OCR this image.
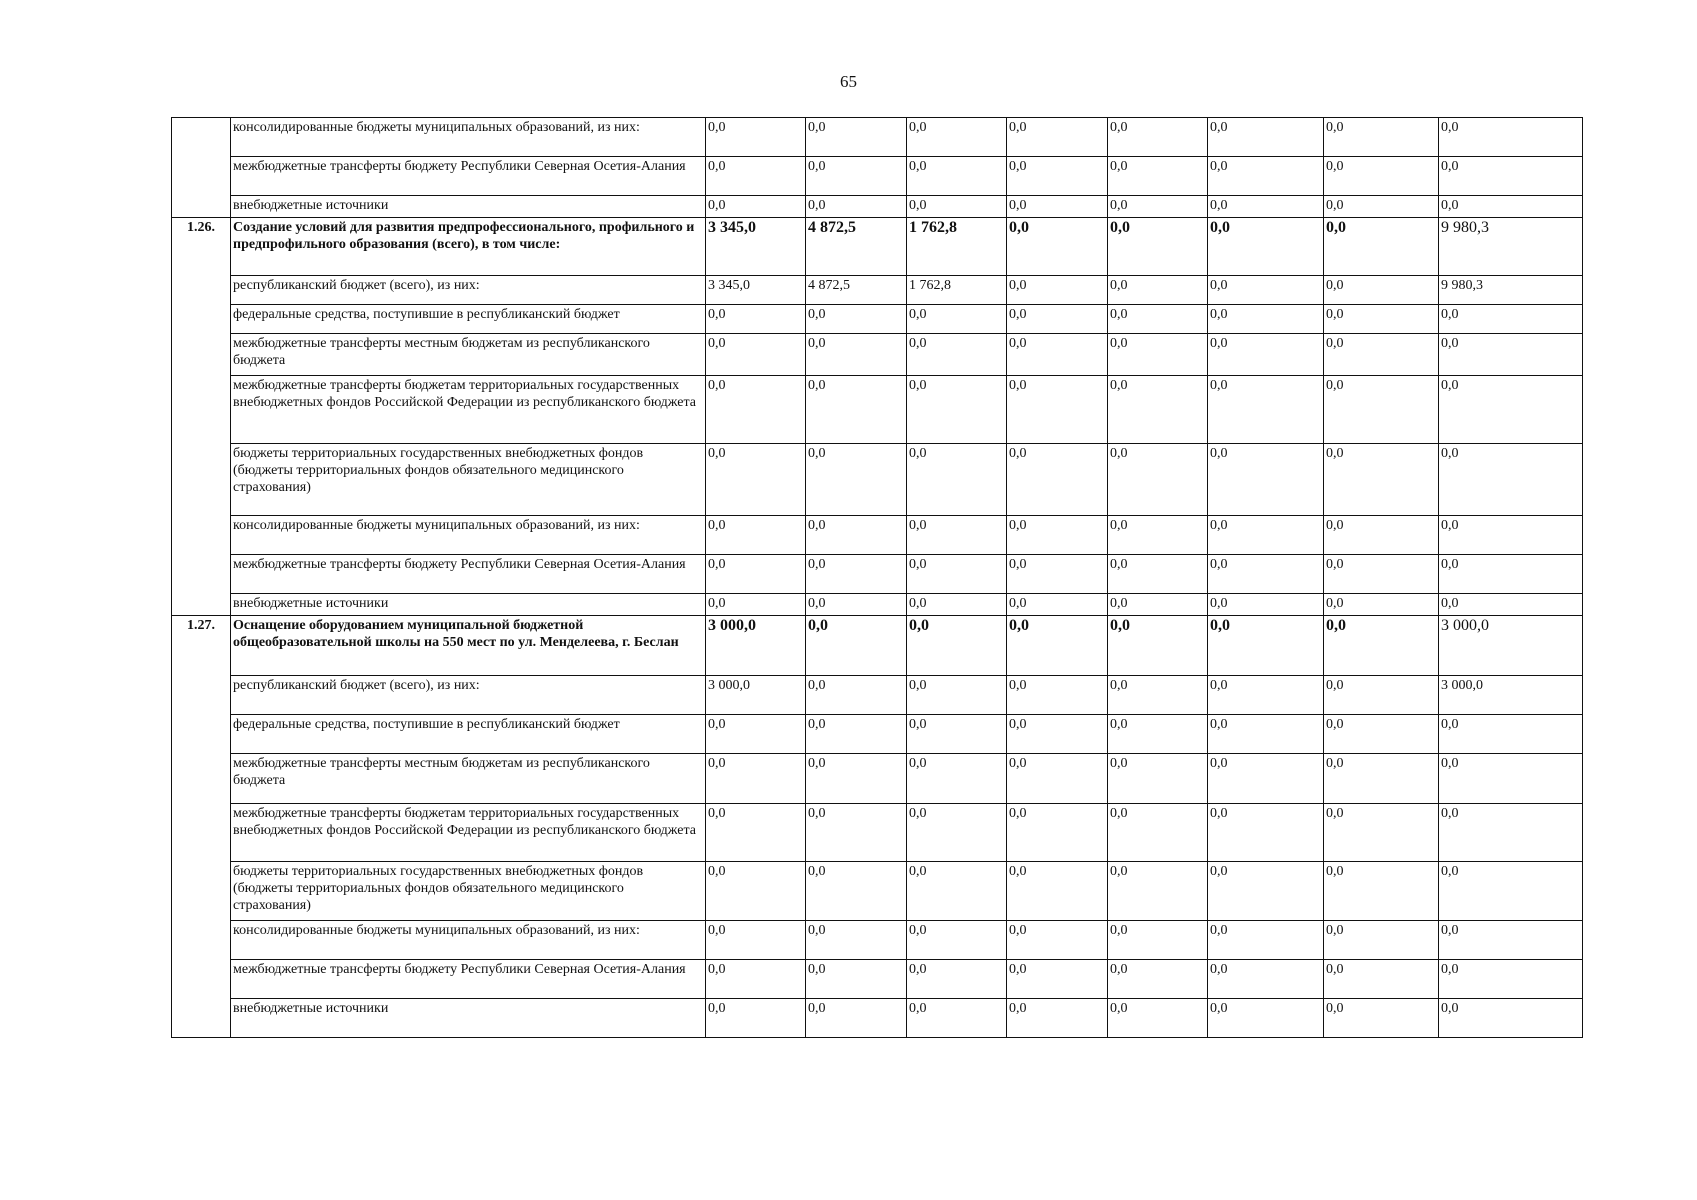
65
	консолидированные бюджеты муниципальных образований, из них:	0,0	0,0	0,0	0,0	0,0	0,0	0,0	0,0
	межбюджетные трансферты бюджету Республики Северная Осетия-Алания	0,0	0,0	0,0	0,0	0,0	0,0	0,0	0,0
	внебюджетные источники	0,0	0,0	0,0	0,0	0,0	0,0	0,0	0,0
1.26.	Создание условий для развития предпрофессионального, профильного и предпрофильного образования (всего), в том числе:	3 345,0	4 872,5	1 762,8	0,0	0,0	0,0	0,0	9 980,3
	республиканский бюджет (всего), из них:	3 345,0	4 872,5	1 762,8	0,0	0,0	0,0	0,0	9 980,3
	федеральные средства, поступившие в республиканский бюджет	0,0	0,0	0,0	0,0	0,0	0,0	0,0	0,0
	межбюджетные трансферты местным бюджетам из республиканского бюджета	0,0	0,0	0,0	0,0	0,0	0,0	0,0	0,0
	межбюджетные трансферты бюджетам территориальных государственных внебюджетных фондов Российской Федерации из республиканского бюджета	0,0	0,0	0,0	0,0	0,0	0,0	0,0	0,0
	бюджеты территориальных государственных внебюджетных фондов (бюджеты территориальных фондов обязательного медицинского страхования)	0,0	0,0	0,0	0,0	0,0	0,0	0,0	0,0
	консолидированные бюджеты муниципальных образований, из них:	0,0	0,0	0,0	0,0	0,0	0,0	0,0	0,0
	межбюджетные трансферты бюджету Республики Северная Осетия-Алания	0,0	0,0	0,0	0,0	0,0	0,0	0,0	0,0
	внебюджетные источники	0,0	0,0	0,0	0,0	0,0	0,0	0,0	0,0
1.27.	Оснащение оборудованием муниципальной бюджетной общеобразовательной школы на 550 мест по ул. Менделеева, г. Беслан	3 000,0	0,0	0,0	0,0	0,0	0,0	0,0	3 000,0
	республиканский бюджет (всего), из них:	3 000,0	0,0	0,0	0,0	0,0	0,0	0,0	3 000,0
	федеральные средства, поступившие в республиканский бюджет	0,0	0,0	0,0	0,0	0,0	0,0	0,0	0,0
	межбюджетные трансферты местным бюджетам из республиканского бюджета	0,0	0,0	0,0	0,0	0,0	0,0	0,0	0,0
	межбюджетные трансферты бюджетам территориальных государственных внебюджетных фондов Российской Федерации из республиканского бюджета	0,0	0,0	0,0	0,0	0,0	0,0	0,0	0,0
	бюджеты территориальных государственных внебюджетных фондов (бюджеты территориальных фондов обязательного медицинского страхования)	0,0	0,0	0,0	0,0	0,0	0,0	0,0	0,0
	консолидированные бюджеты муниципальных образований, из них:	0,0	0,0	0,0	0,0	0,0	0,0	0,0	0,0
	межбюджетные трансферты бюджету Республики Северная Осетия-Алания	0,0	0,0	0,0	0,0	0,0	0,0	0,0	0,0
	внебюджетные источники	0,0	0,0	0,0	0,0	0,0	0,0	0,0	0,0
